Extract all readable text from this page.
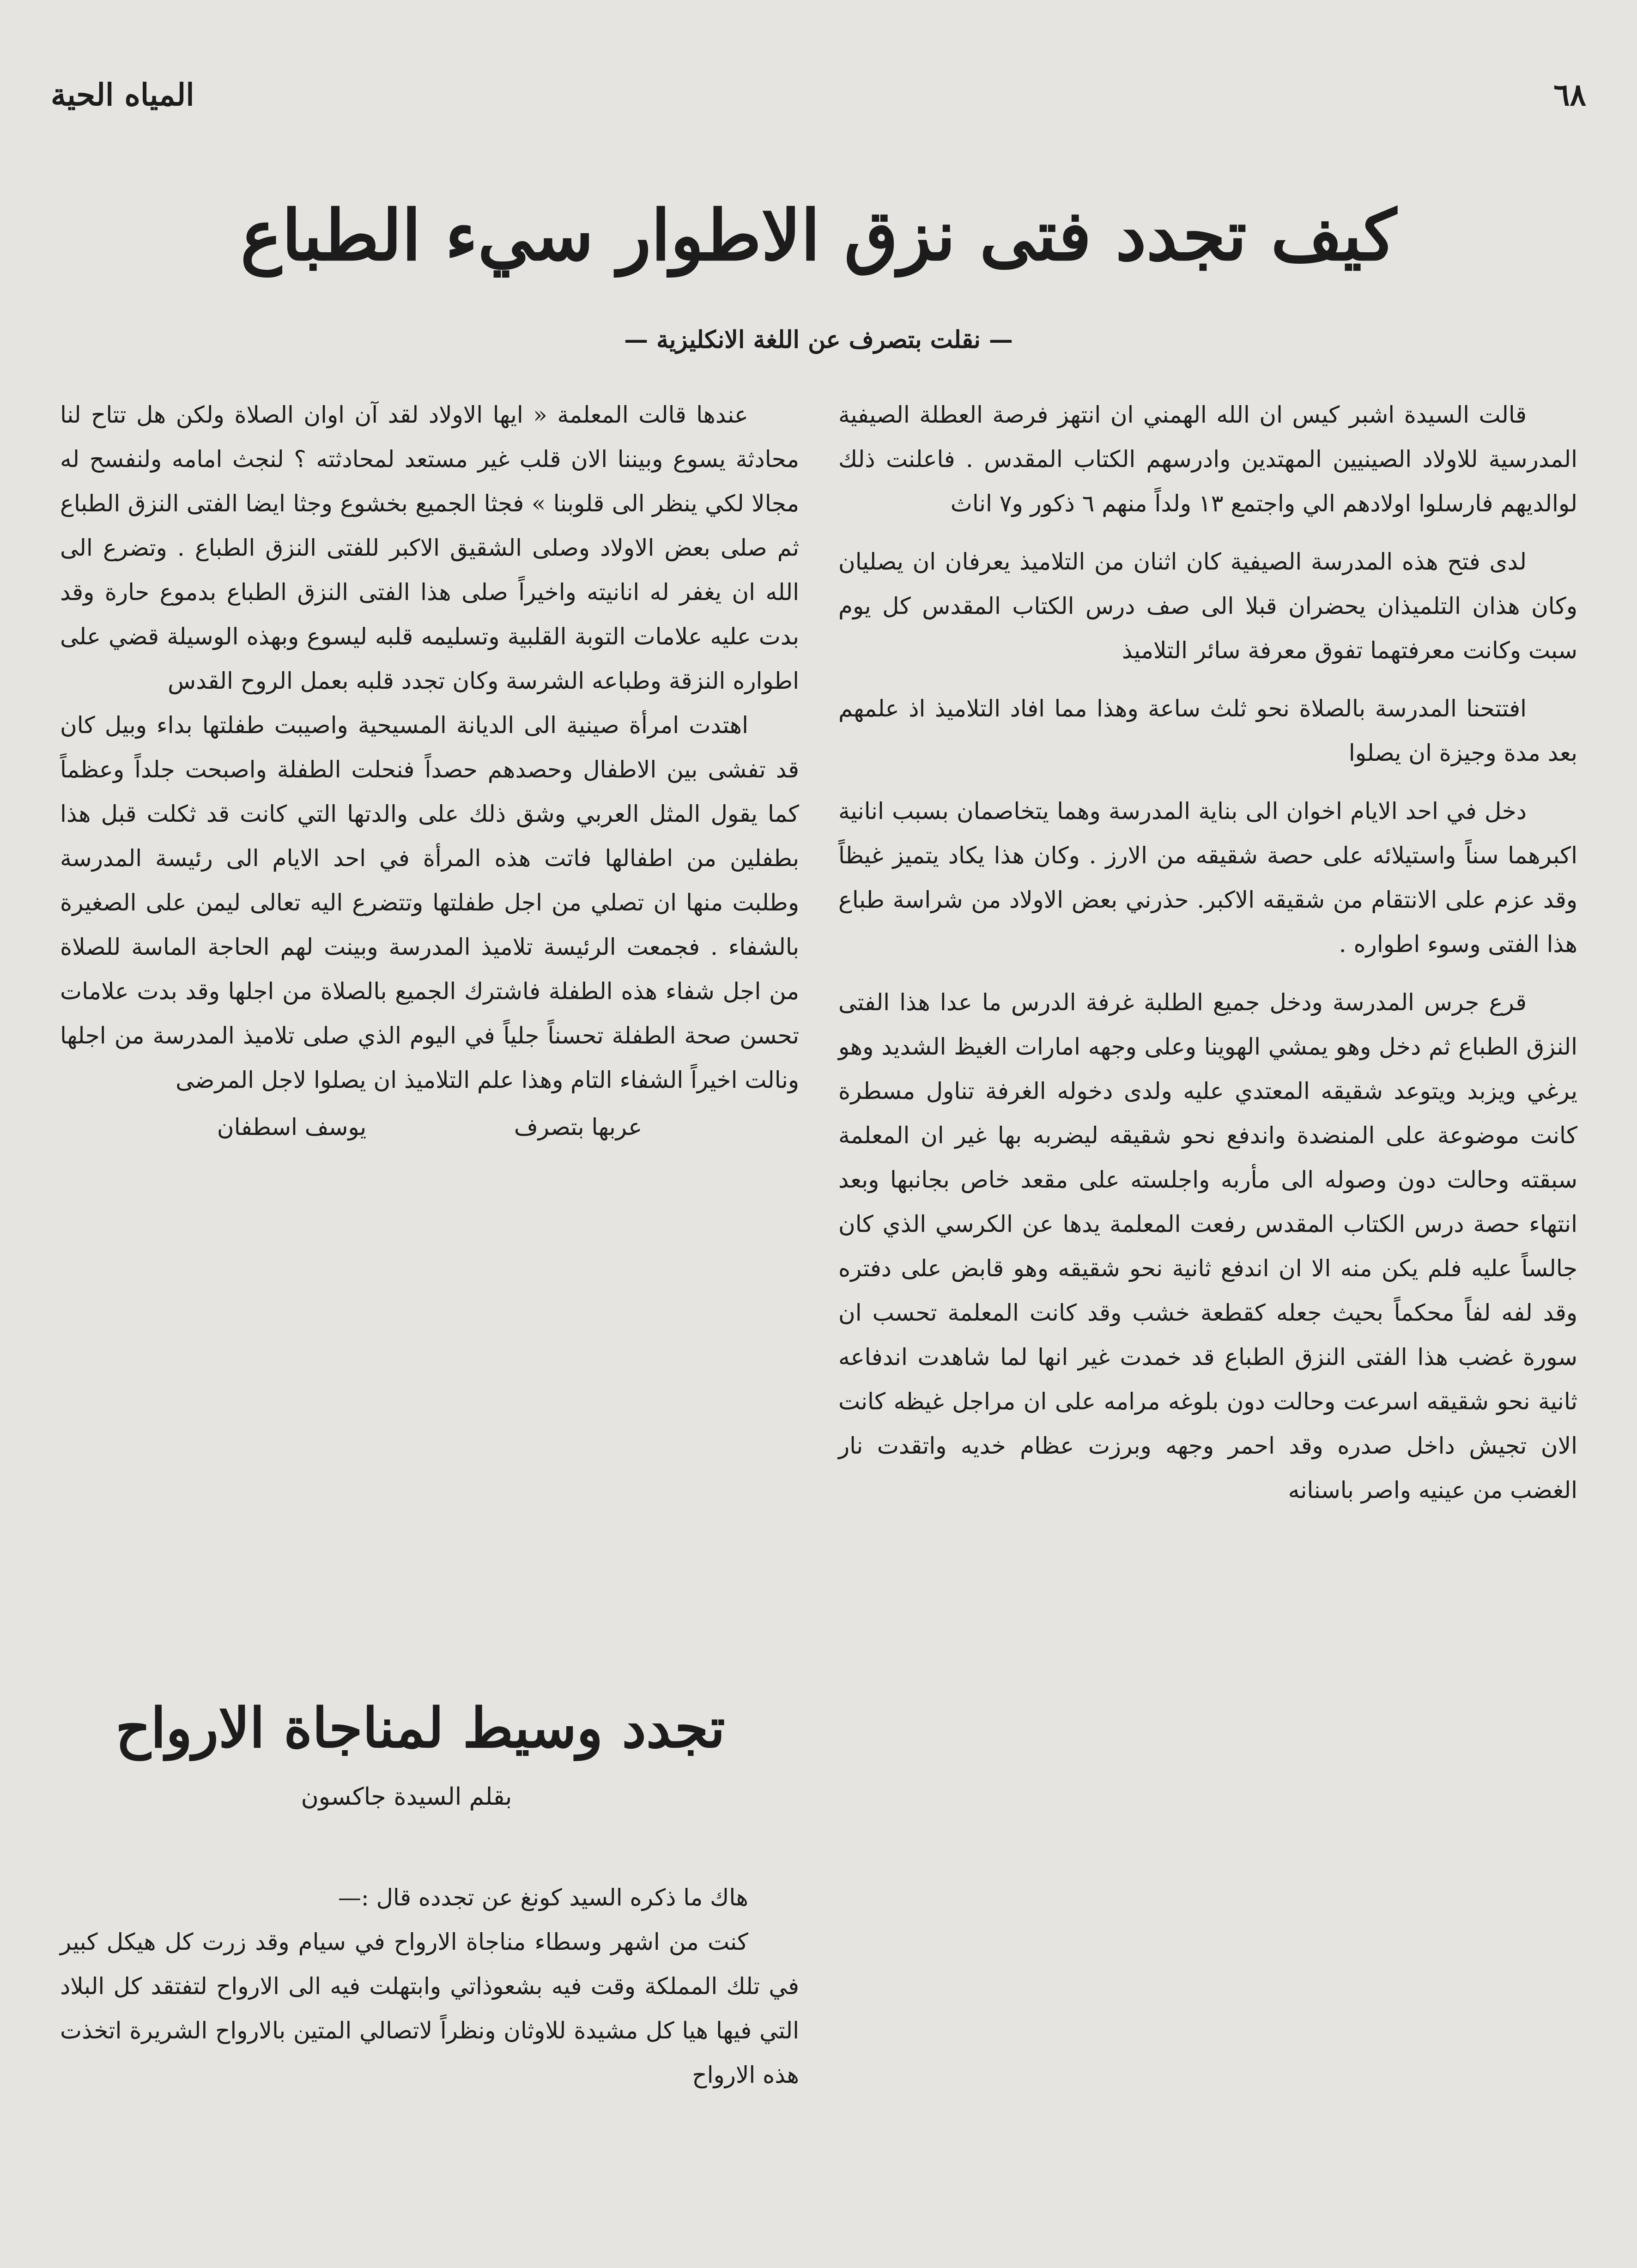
المياه الحية	٦٨
كيف تجدد فتى نزق الاطوار سيء الطباع
— نقلت بتصرف عن اللغة الانكليزية —

قالت السيدة اشبر كيس ان الله الهمني ان انتهز فرصة العطلة الصيفية المدرسية للاولاد الصينيين المهتدين وادرسهم الكتاب المقدس . فاعلنت ذلك لوالديهم فارسلوا اولادهم الي واجتمع ١٣ ولداً منهم ٦ ذكور و٧ اناث

لدى فتح هذه المدرسة الصيفية كان اثنان من التلاميذ يعرفان ان يصليان وكان هذان التلميذان يحضران قبلا الى صف درس الكتاب المقدس كل يوم سبت وكانت معرفتهما تفوق معرفة سائر التلاميذ

افتتحنا المدرسة بالصلاة نحو ثلث ساعة وهذا مما افاد التلاميذ اذ علمهم بعد مدة وجيزة ان يصلوا

دخل في احد الايام اخوان الى بناية المدرسة وهما يتخاصمان بسبب انانية اكبرهما سناً واستيلائه على حصة شقيقه من الارز . وكان هذا يكاد يتميز غيظاً وقد عزم على الانتقام من شقيقه الاكبر. حذرني بعض الاولاد من شراسة طباع هذا الفتى وسوء اطواره .

قرع جرس المدرسة ودخل جميع الطلبة غرفة الدرس ما عدا هذا الفتى النزق الطباع ثم دخل وهو يمشي الهوينا وعلى وجهه امارات الغيظ الشديد وهو يرغي ويزبد ويتوعد شقيقه المعتدي عليه ولدى دخوله الغرفة تناول مسطرة كانت موضوعة على المنضدة واندفع نحو شقيقه ليضربه بها غير ان المعلمة سبقته وحالت دون وصوله الى مأربه واجلسته على مقعد خاص بجانبها وبعد انتهاء حصة درس الكتاب المقدس رفعت المعلمة يدها عن الكرسي الذي كان جالساً عليه فلم يكن منه الا ان اندفع ثانية نحو شقيقه وهو قابض على دفتره وقد لفه لفاً محكماً بحيث جعله كقطعة خشب وقد كانت المعلمة تحسب ان سورة غضب هذا الفتى النزق الطباع قد خمدت غير انها لما شاهدت اندفاعه ثانية نحو شقيقه اسرعت وحالت دون بلوغه مرامه على ان مراجل غيظه كانت الان تجيش داخل صدره وقد احمر وجهه وبرزت عظام خديه واتقدت نار الغضب من عينيه واصر باسنانه

عندها قالت المعلمة « ايها الاولاد لقد آن اوان الصلاة ولكن هل تتاح لنا محادثة يسوع وبيننا الان قلب غير مستعد لمحادثته ؟ لنجث امامه ولنفسح له مجالا لكي ينظر الى قلوبنا » فجثا الجميع بخشوع وجثا ايضا الفتى النزق الطباع ثم صلى بعض الاولاد وصلى الشقيق الاكبر للفتى النزق الطباع . وتضرع الى الله ان يغفر له انانيته واخيراً صلى هذا الفتى النزق الطباع بدموع حارة وقد بدت عليه علامات التوبة القلبية وتسليمه قلبه ليسوع وبهذه الوسيلة قضي على اطواره النزقة وطباعه الشرسة وكان تجدد قلبه بعمل الروح القدس

اهتدت امرأة صينية الى الديانة المسيحية واصيبت طفلتها بداء وبيل كان قد تفشى بين الاطفال وحصدهم حصداً فنحلت الطفلة واصبحت جلداً وعظماً كما يقول المثل العربي وشق ذلك على والدتها التي كانت قد ثكلت قبل هذا بطفلين من اطفالها فاتت هذه المرأة في احد الايام الى رئيسة المدرسة وطلبت منها ان تصلي من اجل طفلتها وتتضرع اليه تعالى ليمن على الصغيرة بالشفاء . فجمعت الرئيسة تلاميذ المدرسة وبينت لهم الحاجة الماسة للصلاة من اجل شفاء هذه الطفلة فاشترك الجميع بالصلاة من اجلها وقد بدت علامات تحسن صحة الطفلة تحسناً جلياً في اليوم الذي صلى تلاميذ المدرسة من اجلها ونالت اخيراً الشفاء التام وهذا علم التلاميذ ان يصلوا لاجل المرضى

عربها بتصرف
يوسف اسطفان
تجدد وسيط لمناجاة الارواح
بقلم السيدة جاكسون

هاك ما ذكره السيد كونغ عن تجدده قال :—

كنت من اشهر وسطاء مناجاة الارواح في سيام وقد زرت كل هيكل كبير في تلك المملكة وقت فيه بشعوذاتي وابتهلت فيه الى الارواح لتفتقد كل البلاد التي فيها هيا كل مشيدة للاوثان ونظراً لاتصالي المتين بالارواح الشريرة اتخذت هذه الارواح
